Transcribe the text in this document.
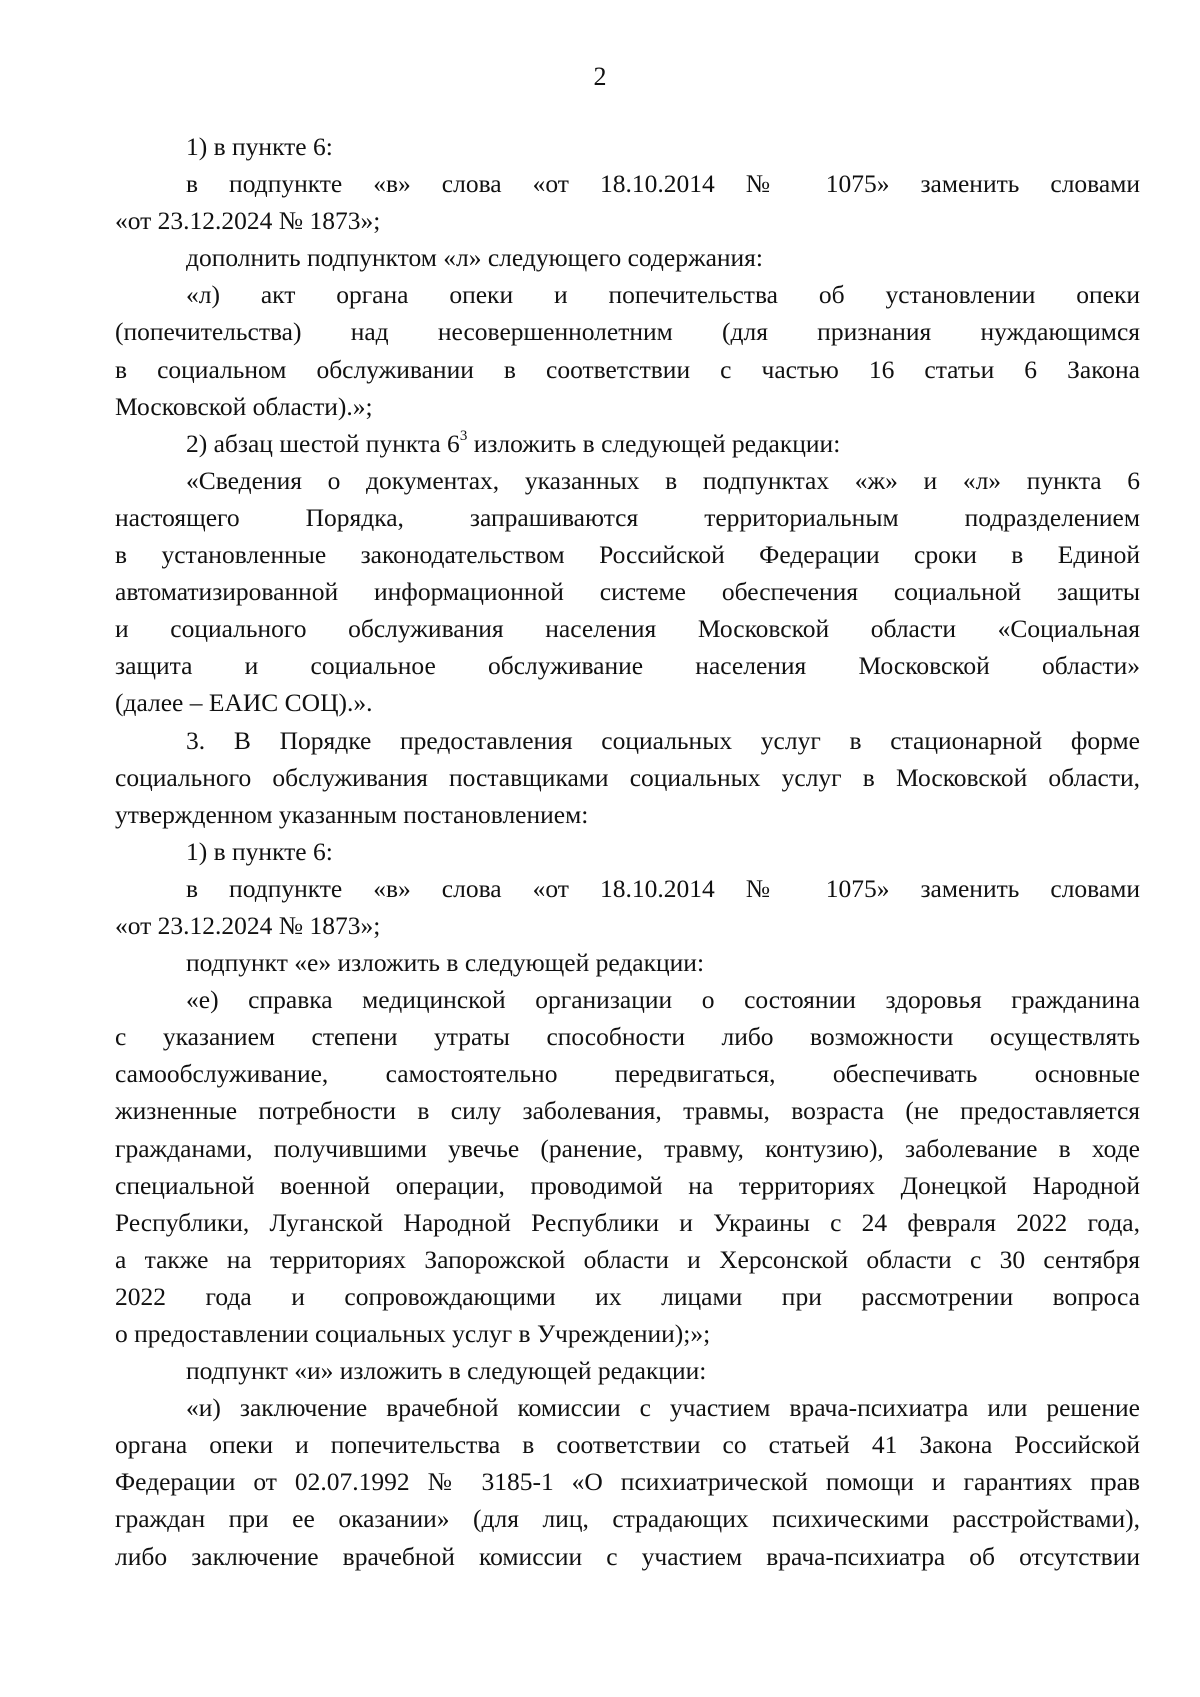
2
1) в пункте 6:
в подпункте «в» слова «от 18.10.2014 № 1075» заменить словами
«от 23.12.2024 № 1873»;
дополнить подпунктом «л» следующего содержания:
«л) акт органа опеки и попечительства об установлении опеки
(попечительства) над несовершеннолетним (для признания нуждающимся
в социальном обслуживании в соответствии с частью 16 статьи 6 Закона
Московской области).»;
2) абзац шестой пункта $6^3$ изложить в следующей редакции:
«Сведения о документах, указанных в подпунктах «ж» и «л» пункта 6
настоящего Порядка, запрашиваются территориальным подразделением
в установленные законодательством Российской Федерации сроки в Единой
автоматизированной информационной системе обеспечения социальной защиты
и социального обслуживания населения Московской области «Социальная
защита и социальное обслуживание населения Московской области»
(далее – ЕАИС СОЦ).».
3. В Порядке предоставления социальных услуг в стационарной форме
социального обслуживания поставщиками социальных услуг в Московской области,
утвержденном указанным постановлением:
1) в пункте 6:
в подпункте «в» слова «от 18.10.2014 № 1075» заменить словами
«от 23.12.2024 № 1873»;
подпункт «е» изложить в следующей редакции:
«е) справка медицинской организации о состоянии здоровья гражданина
с указанием степени утраты способности либо возможности осуществлять
самообслуживание, самостоятельно передвигаться, обеспечивать основные
жизненные потребности в силу заболевания, травмы, возраста (не предоставляется
гражданами, получившими увечье (ранение, травму, контузию), заболевание в ходе
специальной военной операции, проводимой на территориях Донецкой Народной
Республики, Луганской Народной Республики и Украины с 24 февраля 2022 года,
а также на территориях Запорожской области и Херсонской области с 30 сентября
2022 года и сопровождающими их лицами при рассмотрении вопроса
о предоставлении социальных услуг в Учреждении);»;
подпункт «и» изложить в следующей редакции:
«и) заключение врачебной комиссии с участием врача-психиатра или решение
органа опеки и попечительства в соответствии со статьей 41 Закона Российской
Федерации от 02.07.1992 № 3185-1 «О психиатрической помощи и гарантиях прав
граждан при ее оказании» (для лиц, страдающих психическими расстройствами),
либо заключение врачебной комиссии с участием врача-психиатра об отсутствии
